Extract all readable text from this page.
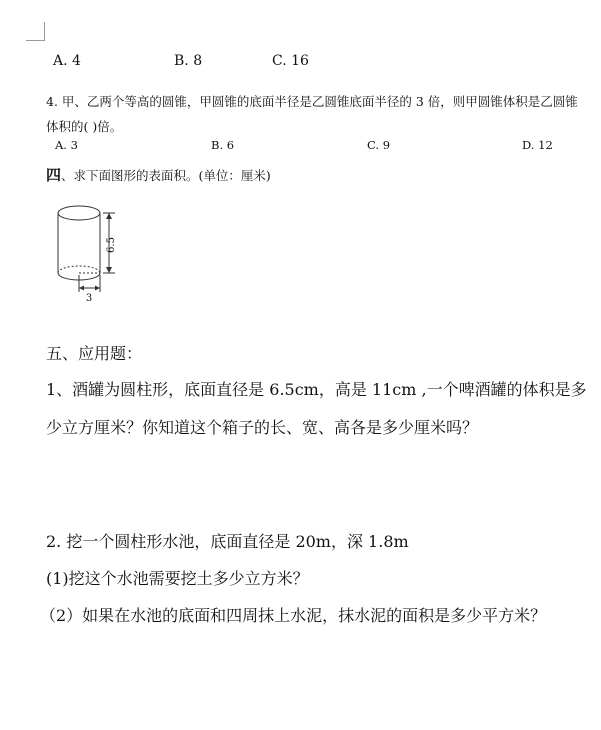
A. 4	B. 8	C. 16
4. 甲、乙两个等高的圆锥，甲圆锥的底面半径是乙圆锥底面半径的 3 倍，则甲圆锥体积是乙圆锥
体积的( )倍。
A. 3	B. 6	C. 9	D. 12
四、求下面图形的表面积。(单位：厘米)
6.5
3
五、应用题：
1、酒罐为圆柱形，底面直径是 6.5cm，高是 11cm ,一个啤酒罐的体积是多
少立方厘米？你知道这个箱子的长、宽、高各是多少厘米吗？
2. 挖一个圆柱形水池，底面直径是 20m，深 1.8m
(1)挖这个水池需要挖土多少立方米？
（2）如果在水池的底面和四周抹上水泥，抹水泥的面积是多少平方米？
